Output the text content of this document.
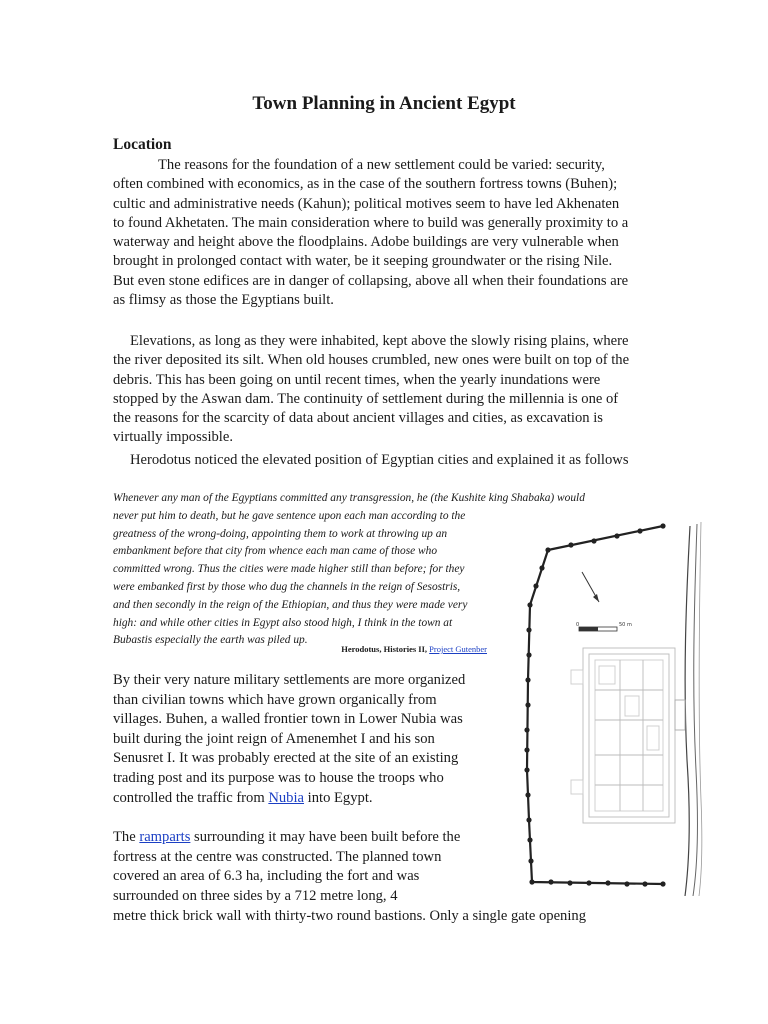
Town Planning in Ancient Egypt
Location

The reasons for the foundation of a new settlement could be varied: security, often combined with economics, as in the case of the southern fortress towns (Buhen); cultic and administrative needs (Kahun); political motives seem to have led Akhenaten to found Akhetaten. The main consideration where to build was generally proximity to a waterway and height above the floodplains. Adobe buildings are very vulnerable when brought in prolonged contact with water, be it seeping groundwater or the rising Nile. But even stone edifices are in danger of collapsing, above all when their foundations are as flimsy as those the Egyptians built.

Elevations, as long as they were inhabited, kept above the slowly rising plains, where the river deposited its silt. When old houses crumbled, new ones were built on top of the debris. This has been going on until recent times, when the yearly inundations were stopped by the Aswan dam. The continuity of settlement during the millennia is one of the reasons for the scarcity of data about ancient villages and cities, as excavation is virtually impossible.

Herodotus noticed the elevated position of Egyptian cities and explained it as follows

Whenever any man of the Egyptians committed any transgression, he (the Kushite king Shabaka) would
never put him to death, but he gave sentence upon each man according to the greatness of the wrong-doing, appointing them to work at throwing up an embankment before that city from whence each man came of those who committed wrong. Thus the cities were made higher still than before; for they were embanked first by those who dug the channels in the reign of Sesostris, and then secondly in the reign of the Ethiopian, and thus they were made very high: and while other cities in Egypt also stood high, I think in the town at Bubastis especially the earth was piled up.

Herodotus, Histories II, Project Gutenber

By their very nature military settlements are more organized than civilian towns which have grown organically from villages. Buhen, a walled frontier town in Lower Nubia was built during the joint reign of Amenemhet I and his son Senusret I. It was probably erected at the site of an existing trading post and its purpose was to house the troops who controlled the traffic from Nubia into Egypt.

The ramparts surrounding it may have been built before the fortress at the centre was constructed. The planned town covered an area of 6.3 ha, including the fort and was surrounded on three sides by a 712 metre long, 4

metre thick brick wall with thirty-two round bastions. Only a single gate opening

0	50 m
